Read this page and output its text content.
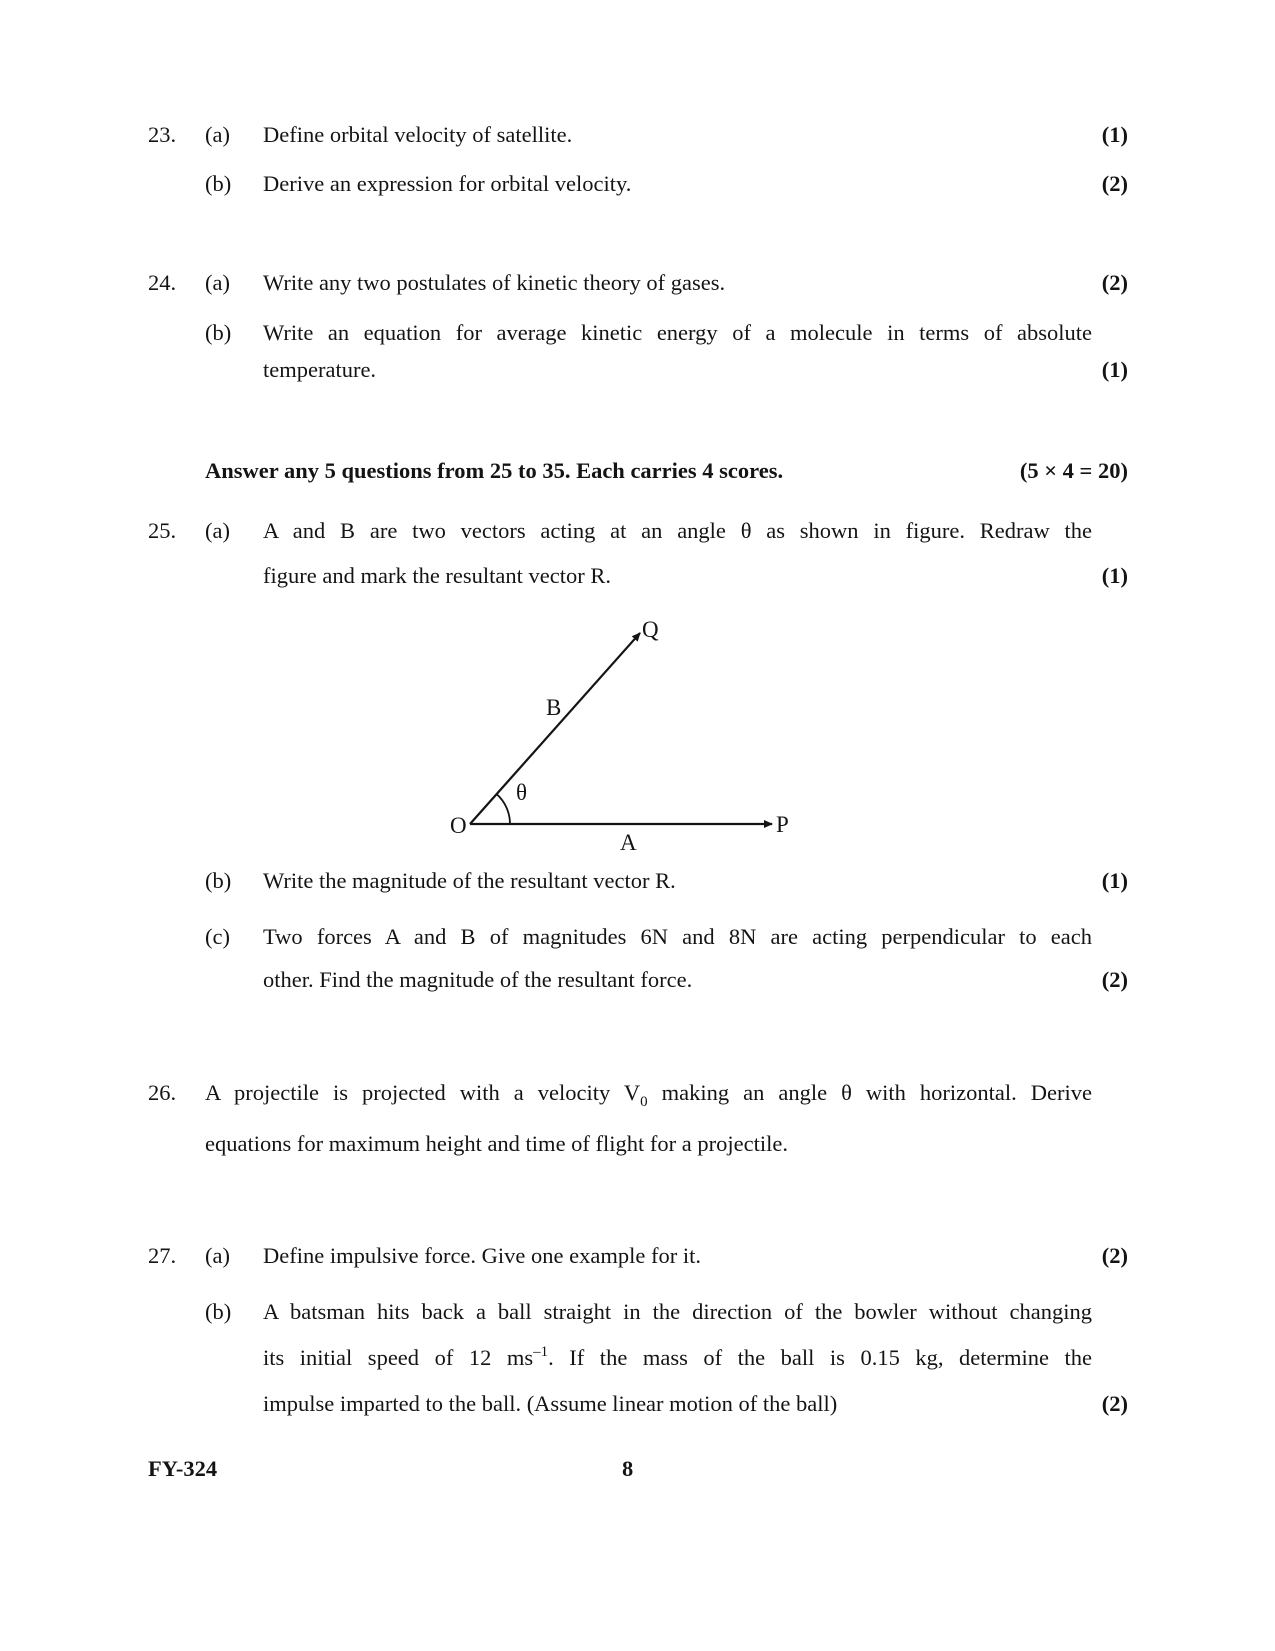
23. (a) Define orbital velocity of satellite.	(1)
(b) Derive an expression for orbital velocity.	(2)
24. (a) Write any two postulates of kinetic theory of gases.	(2)
(b) Write an equation for average kinetic energy of a molecule in terms of absolute
temperature.	(1)
Answer any 5 questions from 25 to 35. Each carries 4 scores.	(5 × 4 = 20)
25. (a) A and B are two vectors acting at an angle θ as shown in figure. Redraw the
figure and mark the resultant vector R.	(1)
O	P
Q
A
B
θ
(b) Write the magnitude of the resultant vector R.	(1)
(c) Two forces A and B of magnitudes 6N and 8N are acting perpendicular to each
other. Find the magnitude of the resultant force.	(2)
26. A projectile is projected with a velocity $V_0$ making an angle θ with horizontal. Derive
equations for maximum height and time of flight for a projectile.
27. (a) Define impulsive force. Give one example for it.	(2)
(b) A batsman hits back a ball straight in the direction of the bowler without changing
its initial speed of 12 $ms^{-1}$. If the mass of the ball is 0.15 kg, determine the
impulse imparted to the ball. (Assume linear motion of the ball)	(2)
FY-324	8
